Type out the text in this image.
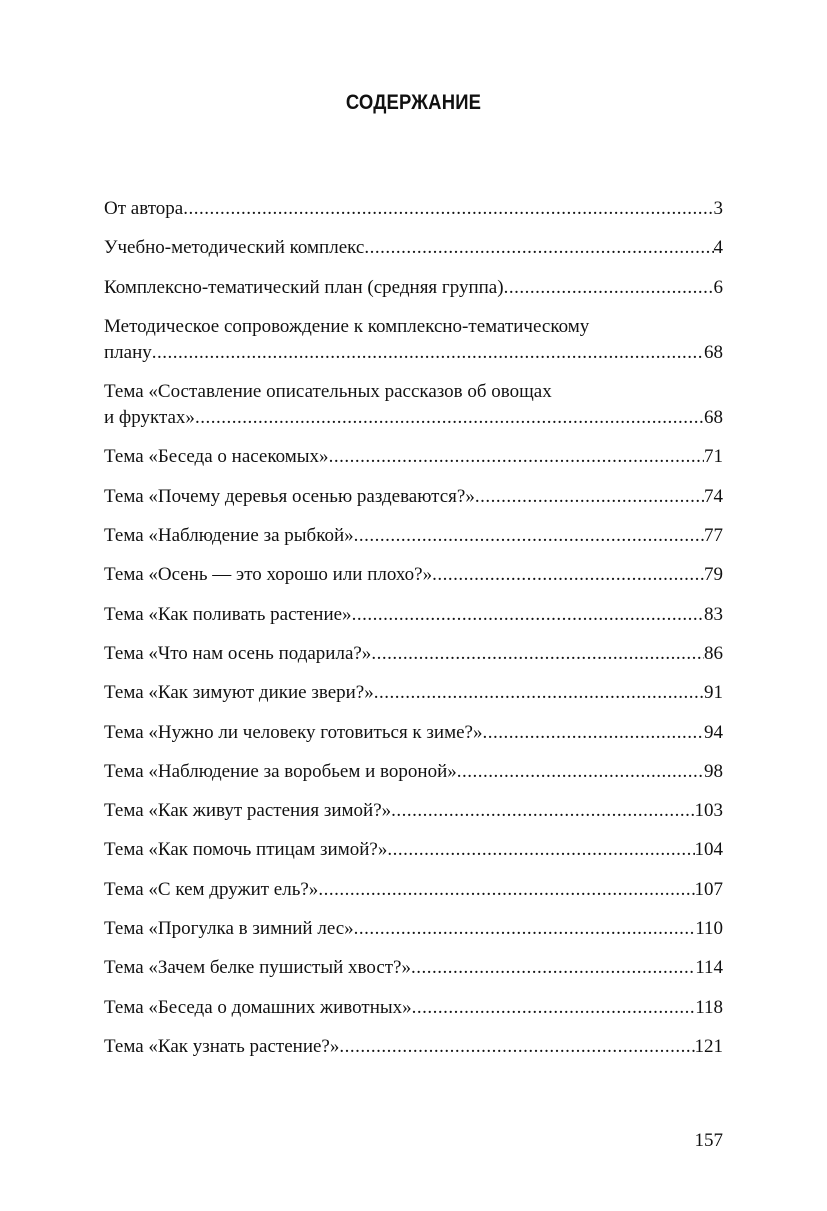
СОДЕРЖАНИЕ
От автора .....	3
Учебно-методический комплекс .....	4
Комплексно-тематический план (средняя группа) .....	6
Методическое сопровождение к комплексно-тематическому
плану .....	68
Тема «Составление описательных рассказов об овощах
и фруктах» .....	68
Тема «Беседа о насекомых» .....	71
Тема «Почему деревья осенью раздеваются?» .....	74
Тема «Наблюдение за рыбкой» .....	77
Тема «Осень — это хорошо или плохо?» .....	79
Тема «Как поливать растение» .....	83
Тема «Что нам осень подарила?» .....	86
Тема «Как зимуют дикие звери?» .....	91
Тема «Нужно ли человеку готовиться к зиме?» .....	94
Тема «Наблюдение за воробьем и вороной» .....	98
Тема «Как живут растения зимой?» .....	103
Тема «Как помочь птицам зимой?» .....	104
Тема «С кем дружит ель?» .....	107
Тема «Прогулка в зимний лес» .....	110
Тема «Зачем белке пушистый хвост?» .....	114
Тема «Беседа о домашних животных» .....	118
Тема «Как узнать растение?» .....	121
157
